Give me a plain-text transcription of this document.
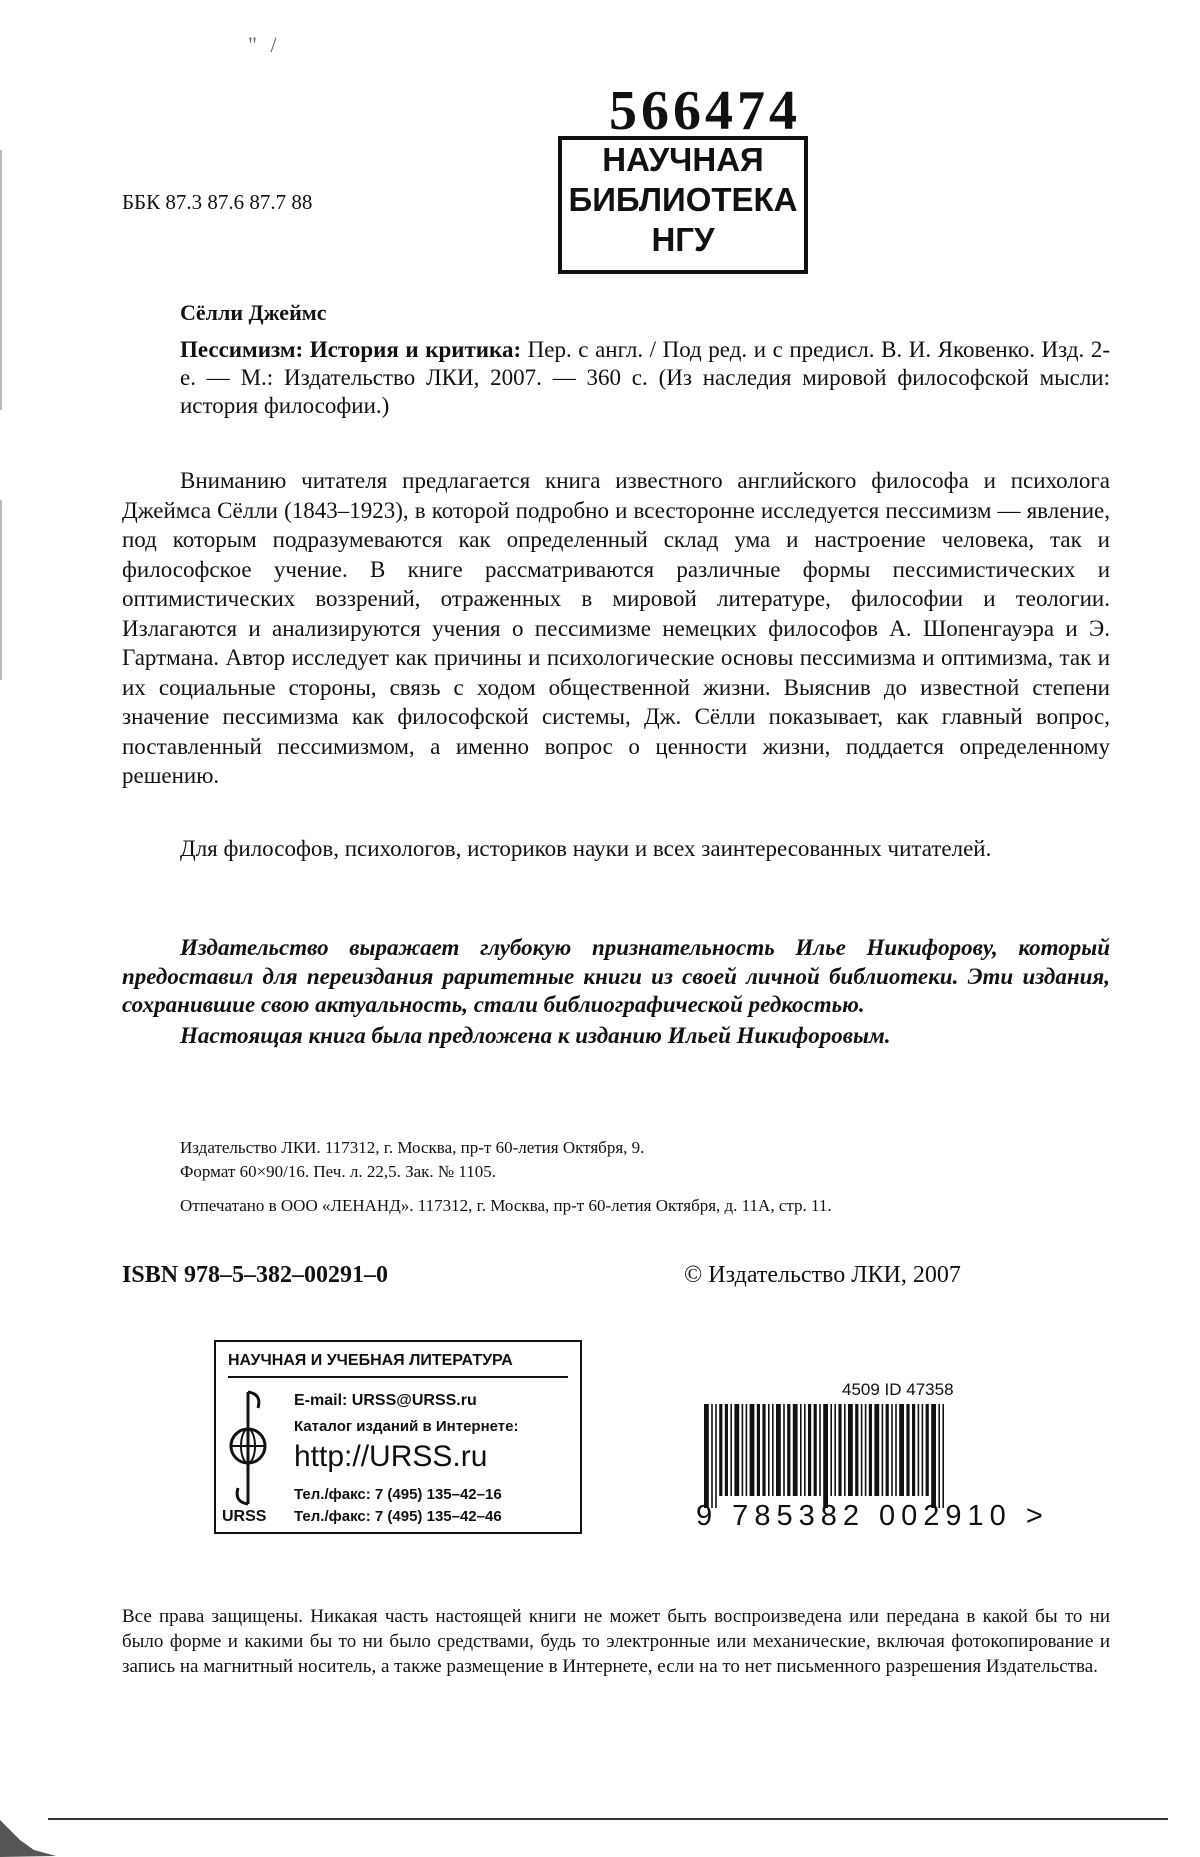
" /
566474
НАУЧНАЯ
БИБЛИОТЕКА
НГУ
ББК 87.3 87.6 87.7 88
Сёлли Джеймс
Пессимизм: История и критика: Пер. с англ. / Под ред. и с предисл. В. И. Яковенко. Изд. 2-е. — М.: Издательство ЛКИ, 2007. — 360 с. (Из наследия мировой философской мысли: история философии.)
Вниманию читателя предлагается книга известного английского философа и психолога Джеймса Сёлли (1843–1923), в которой подробно и всесторонне исследуется пессимизм — явление, под которым подразумеваются как определенный склад ума и настроение человека, так и философское учение. В книге рассматриваются различные формы пессимистических и оптимистических воззрений, отраженных в мировой литературе, философии и теологии. Излагаются и анализируются учения о пессимизме немецких философов А. Шопенгауэра и Э. Гартмана. Автор исследует как причины и психологические основы пессимизма и оптимизма, так и их социальные стороны, связь с ходом общественной жизни. Выяснив до известной степени значение пессимизма как философской системы, Дж. Сёлли показывает, как главный вопрос, поставленный пессимизмом, а именно вопрос о ценности жизни, поддается определенному решению.
Для философов, психологов, историков науки и всех заинтересованных читателей.
Издательство выражает глубокую признательность Илье Никифорову, который предоставил для переиздания раритетные книги из своей личной библиотеки. Эти издания, сохранившие свою актуальность, стали библиографической редкостью.
Настоящая книга была предложена к изданию Ильей Никифоровым.
Издательство ЛКИ. 117312, г. Москва, пр-т 60-летия Октября, 9.
Формат 60×90/16. Печ. л. 22,5. Зак. № 1105.
Отпечатано в ООО «ЛЕНАНД». 117312, г. Москва, пр-т 60-летия Октября, д. 11А, стр. 11.
ISBN 978–5–382–00291–0	© Издательство ЛКИ, 2007
НАУЧНАЯ И УЧЕБНАЯ ЛИТЕРАТУРА
E-mail: URSS@URSS.ru
Каталог изданий в Интернете:
http://URSS.ru
Тел./факс: 7 (495) 135–42–16
URSS Тел./факс: 7 (495) 135–42–46
4509 ID 47358
9 785382 002910 >
Все права защищены. Никакая часть настоящей книги не может быть воспроизведена или передана в какой бы то ни было форме и какими бы то ни было средствами, будь то электронные или механические, включая фотокопирование и запись на магнитный носитель, а также размещение в Интернете, если на то нет письменного разрешения Издательства.
